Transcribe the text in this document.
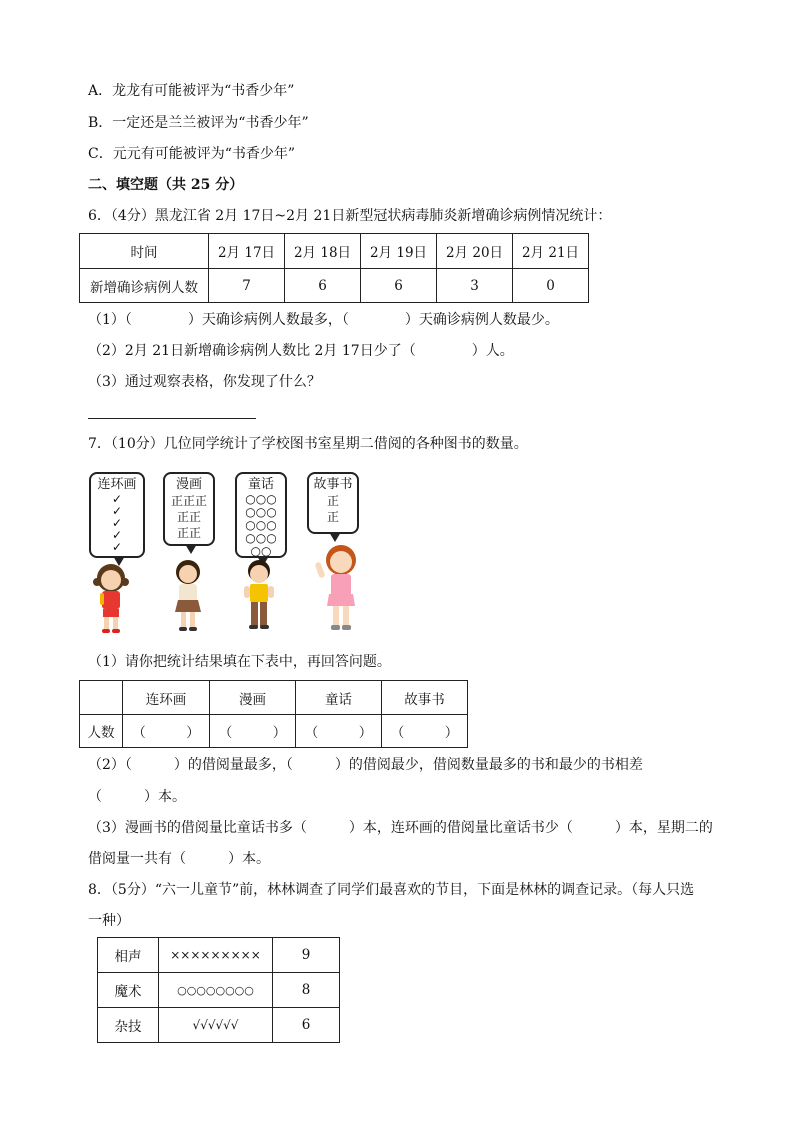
A．龙龙有可能被评为“书香少年”
B．一定还是兰兰被评为“书香少年”
C．元元有可能被评为“书香少年”
二、填空题（共 25 分）
6．（4分）黑龙江省 2月 17日~2月 21日新型冠状病毒肺炎新增确诊病例情况统计：
时间	2月 17日	2月 18日	2月 19日	2月 20日	2月 21日
新增确诊病例人数	7	6	6	3	0
（1）（　　　　）天确诊病例人数最多，（　　　　）天确诊病例人数最少。
（2）2月 21日新增确诊病例人数比 2月 17日少了（　　　　）人。
（3）通过观察表格，你发现了什么？
7．（10分）几位同学统计了学校图书室星期二借阅的各种图书的数量。
连环画
✓
✓
✓
✓
✓
漫画
正正正
正正
正正
童话
○○○
○○○
○○○
○○○
○○
故事书
正
正
（1）请你把统计结果填在下表中，再回答问题。
	连环画	漫画	童话	故事书
人数	（　　　）	（　　　）	（　　　）	（　　　）
（2）（　　　）的借阅量最多，（　　　）的借阅最少，借阅数量最多的书和最少的书相差
（　　　）本。
（3）漫画书的借阅量比童话书多（　　　）本，连环画的借阅量比童话书少（　　　）本，星期二的
借阅量一共有（　　　）本。
8．（5分）“六一儿童节”前，林林调查了同学们最喜欢的节目，下面是林林的调查记录。（每人只选
一种）
相声	×××××××××	9
魔术	○○○○○○○○	8
杂技	√√√√√√	6
